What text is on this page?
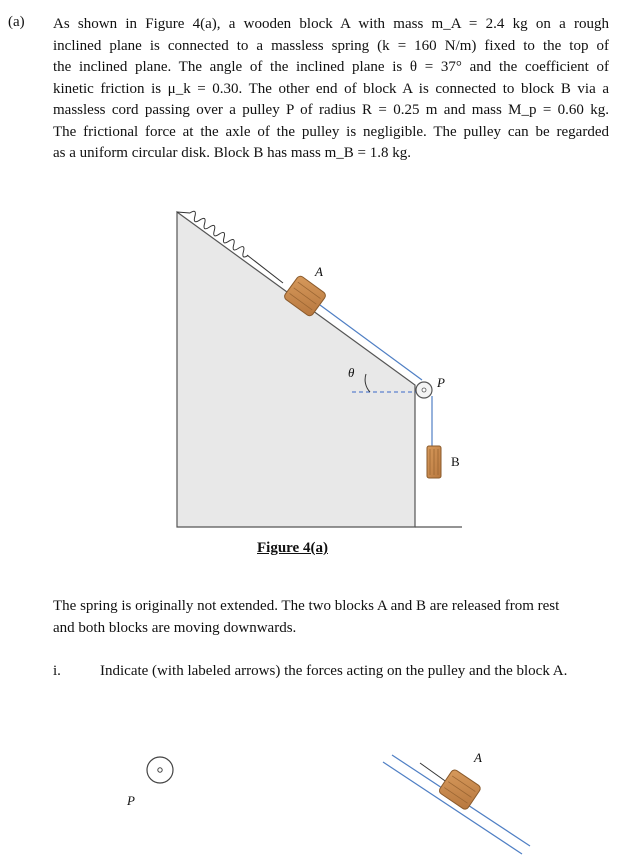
(a) As shown in Figure 4(a), a wooden block A with mass m_A = 2.4 kg on a rough
inclined plane is connected to a massless spring (k = 160 N/m) fixed to the top of
the inclined plane. The angle of the inclined plane is θ = 37° and the coefficient of
kinetic friction is μ_k = 0.30. The other end of block A is connected to block B via a
massless cord passing over a pulley P of radius R = 0.25 m and mass M_p = 0.60 kg.
The frictional force at the axle of the pulley is negligible. The pulley can be regarded
as a uniform circular disk. Block B has mass m_B = 1.8 kg.
A
θ
P
B
P
A
Figure 4(a)
The spring is originally not extended. The two blocks A and B are released from rest
and both blocks are moving downwards.
i.	Indicate (with labeled arrows) the forces acting on the pulley and the block A.
